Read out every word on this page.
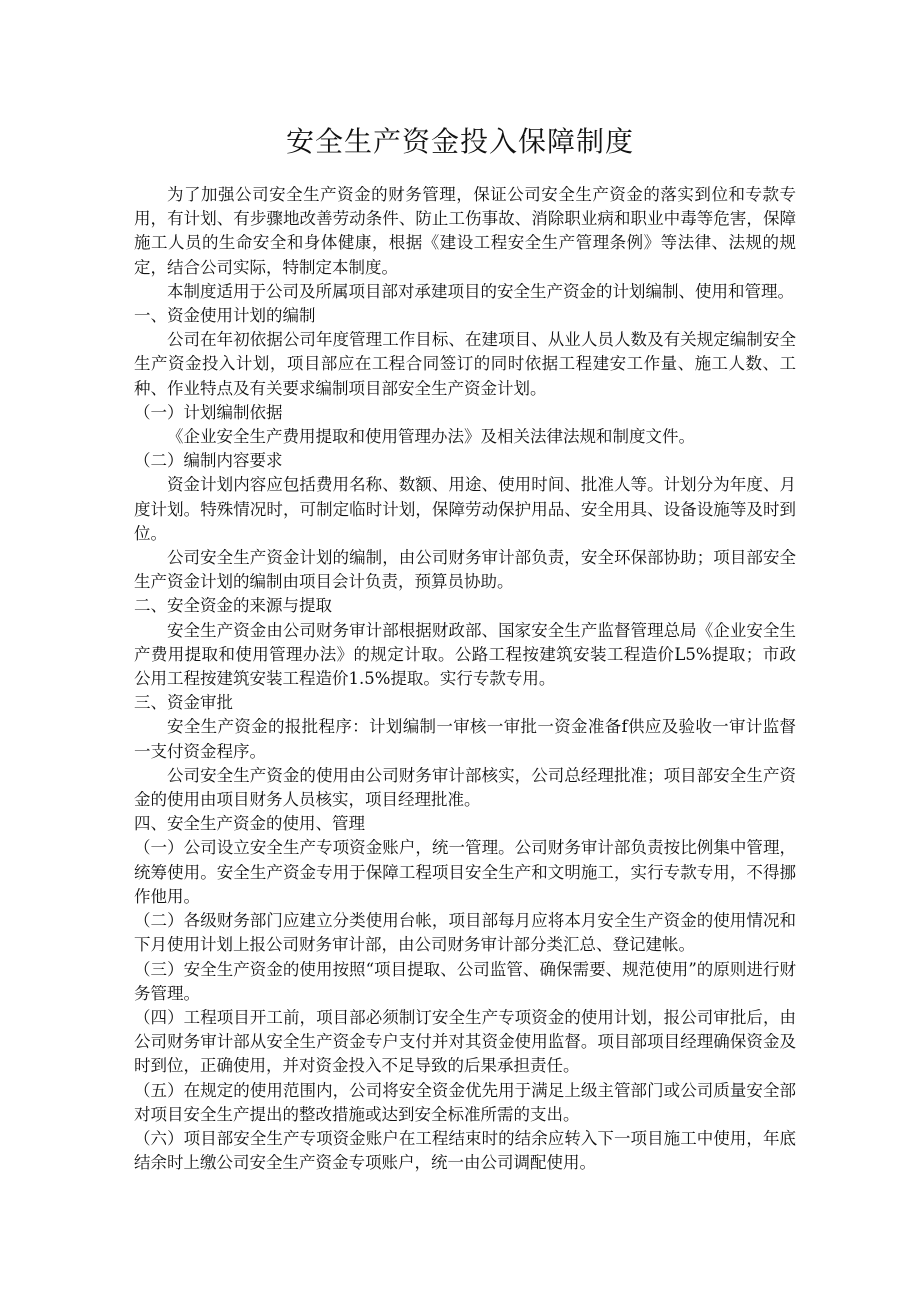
安全生产资金投入保障制度

为了加强公司安全生产资金的财务管理，保证公司安全生产资金的落实到位和专款专用，有计划、有步骤地改善劳动条件、防止工伤事故、消除职业病和职业中毒等危害，保障施工人员的生命安全和身体健康，根据《建设工程安全生产管理条例》等法律、法规的规定，结合公司实际，特制定本制度。

本制度适用于公司及所属项目部对承建项目的安全生产资金的计划编制、使用和管理。

一、资金使用计划的编制

公司在年初依据公司年度管理工作目标、在建项目、从业人员人数及有关规定编制安全生产资金投入计划，项目部应在工程合同签订的同时依据工程建安工作量、施工人数、工种、作业特点及有关要求编制项目部安全生产资金计划。

（一）计划编制依据

《企业安全生产费用提取和使用管理办法》及相关法律法规和制度文件。

（二）编制内容要求

资金计划内容应包括费用名称、数额、用途、使用时间、批准人等。计划分为年度、月度计划。特殊情况时，可制定临时计划，保障劳动保护用品、安全用具、设备设施等及时到位。

公司安全生产资金计划的编制，由公司财务审计部负责，安全环保部协助；项目部安全生产资金计划的编制由项目会计负责，预算员协助。

二、安全资金的来源与提取

安全生产资金由公司财务审计部根据财政部、国家安全生产监督管理总局《企业安全生产费用提取和使用管理办法》的规定计取。公路工程按建筑安装工程造价L5%提取；市政公用工程按建筑安装工程造价1.5%提取。实行专款专用。

三、资金审批

安全生产资金的报批程序：计划编制一审核一审批一资金准备f供应及验收一审计监督一支付资金程序。

公司安全生产资金的使用由公司财务审计部核实，公司总经理批准；项目部安全生产资金的使用由项目财务人员核实，项目经理批准。

四、安全生产资金的使用、管理

（一）公司设立安全生产专项资金账户，统一管理。公司财务审计部负责按比例集中管理，统筹使用。安全生产资金专用于保障工程项目安全生产和文明施工，实行专款专用，不得挪作他用。

（二）各级财务部门应建立分类使用台帐，项目部每月应将本月安全生产资金的使用情况和下月使用计划上报公司财务审计部，由公司财务审计部分类汇总、登记建帐。

（三）安全生产资金的使用按照“项目提取、公司监管、确保需要、规范使用”的原则进行财务管理。

（四）工程项目开工前，项目部必须制订安全生产专项资金的使用计划，报公司审批后，由公司财务审计部从安全生产资金专户支付并对其资金使用监督。项目部项目经理确保资金及时到位，正确使用，并对资金投入不足导致的后果承担责任。

（五）在规定的使用范围内，公司将安全资金优先用于满足上级主管部门或公司质量安全部对项目安全生产提出的整改措施或达到安全标准所需的支出。

（六）项目部安全生产专项资金账户在工程结束时的结余应转入下一项目施工中使用，年底结余时上缴公司安全生产资金专项账户，统一由公司调配使用。
